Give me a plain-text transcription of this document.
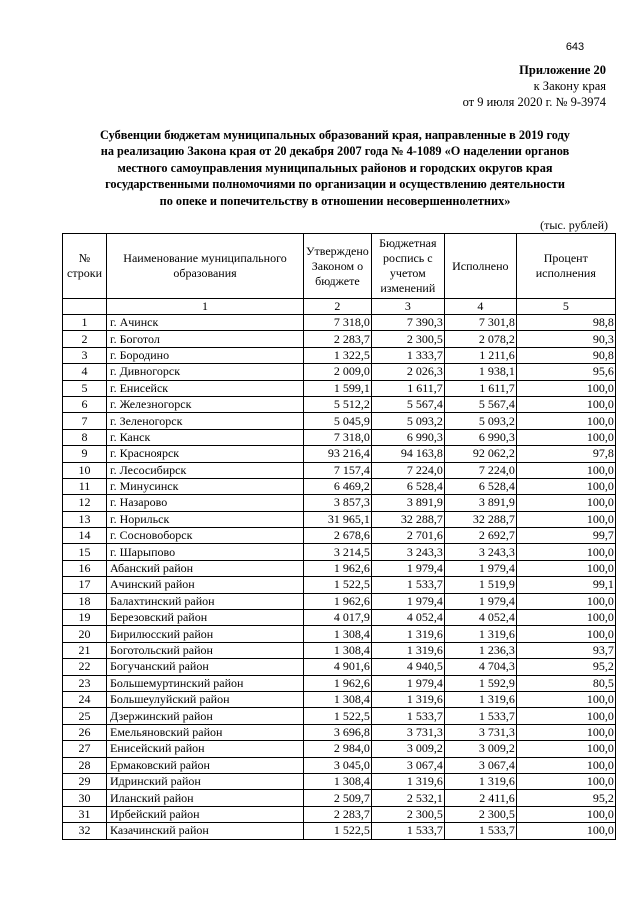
643
Приложение 20
к Закону края
от 9 июля 2020 г. № 9-3974
Субвенции бюджетам муниципальных образований края, направленные в 2019 году
на реализацию Закона края от 20 декабря 2007 года № 4-1089 «О наделении органов
местного самоуправления муниципальных районов и городских округов края
государственными полномочиями по организации и осуществлению деятельности
по опеке и попечительству в отношении несовершеннолетних»
(тыс. рублей)
№ строки	Наименование муниципального образования	Утверждено Законом о бюджете	Бюджетная роспись с учетом изменений	Исполнено	Процент исполнения
	1	2	3	4	5
1	г. Ачинск	7 318,0	7 390,3	7 301,8	98,8
2	г. Боготол	2 283,7	2 300,5	2 078,2	90,3
3	г. Бородино	1 322,5	1 333,7	1 211,6	90,8
4	г. Дивногорск	2 009,0	2 026,3	1 938,1	95,6
5	г. Енисейск	1 599,1	1 611,7	1 611,7	100,0
6	г. Железногорск	5 512,2	5 567,4	5 567,4	100,0
7	г. Зеленогорск	5 045,9	5 093,2	5 093,2	100,0
8	г. Канск	7 318,0	6 990,3	6 990,3	100,0
9	г. Красноярск	93 216,4	94 163,8	92 062,2	97,8
10	г. Лесосибирск	7 157,4	7 224,0	7 224,0	100,0
11	г. Минусинск	6 469,2	6 528,4	6 528,4	100,0
12	г. Назарово	3 857,3	3 891,9	3 891,9	100,0
13	г. Норильск	31 965,1	32 288,7	32 288,7	100,0
14	г. Сосновоборск	2 678,6	2 701,6	2 692,7	99,7
15	г. Шарыпово	3 214,5	3 243,3	3 243,3	100,0
16	Абанский район	1 962,6	1 979,4	1 979,4	100,0
17	Ачинский район	1 522,5	1 533,7	1 519,9	99,1
18	Балахтинский район	1 962,6	1 979,4	1 979,4	100,0
19	Березовский район	4 017,9	4 052,4	4 052,4	100,0
20	Бирилюсский район	1 308,4	1 319,6	1 319,6	100,0
21	Боготольский район	1 308,4	1 319,6	1 236,3	93,7
22	Богучанский район	4 901,6	4 940,5	4 704,3	95,2
23	Большемуртинский район	1 962,6	1 979,4	1 592,9	80,5
24	Большеулуйский район	1 308,4	1 319,6	1 319,6	100,0
25	Дзержинский район	1 522,5	1 533,7	1 533,7	100,0
26	Емельяновский район	3 696,8	3 731,3	3 731,3	100,0
27	Енисейский район	2 984,0	3 009,2	3 009,2	100,0
28	Ермаковский район	3 045,0	3 067,4	3 067,4	100,0
29	Идринский район	1 308,4	1 319,6	1 319,6	100,0
30	Иланский район	2 509,7	2 532,1	2 411,6	95,2
31	Ирбейский район	2 283,7	2 300,5	2 300,5	100,0
32	Казачинский район	1 522,5	1 533,7	1 533,7	100,0
